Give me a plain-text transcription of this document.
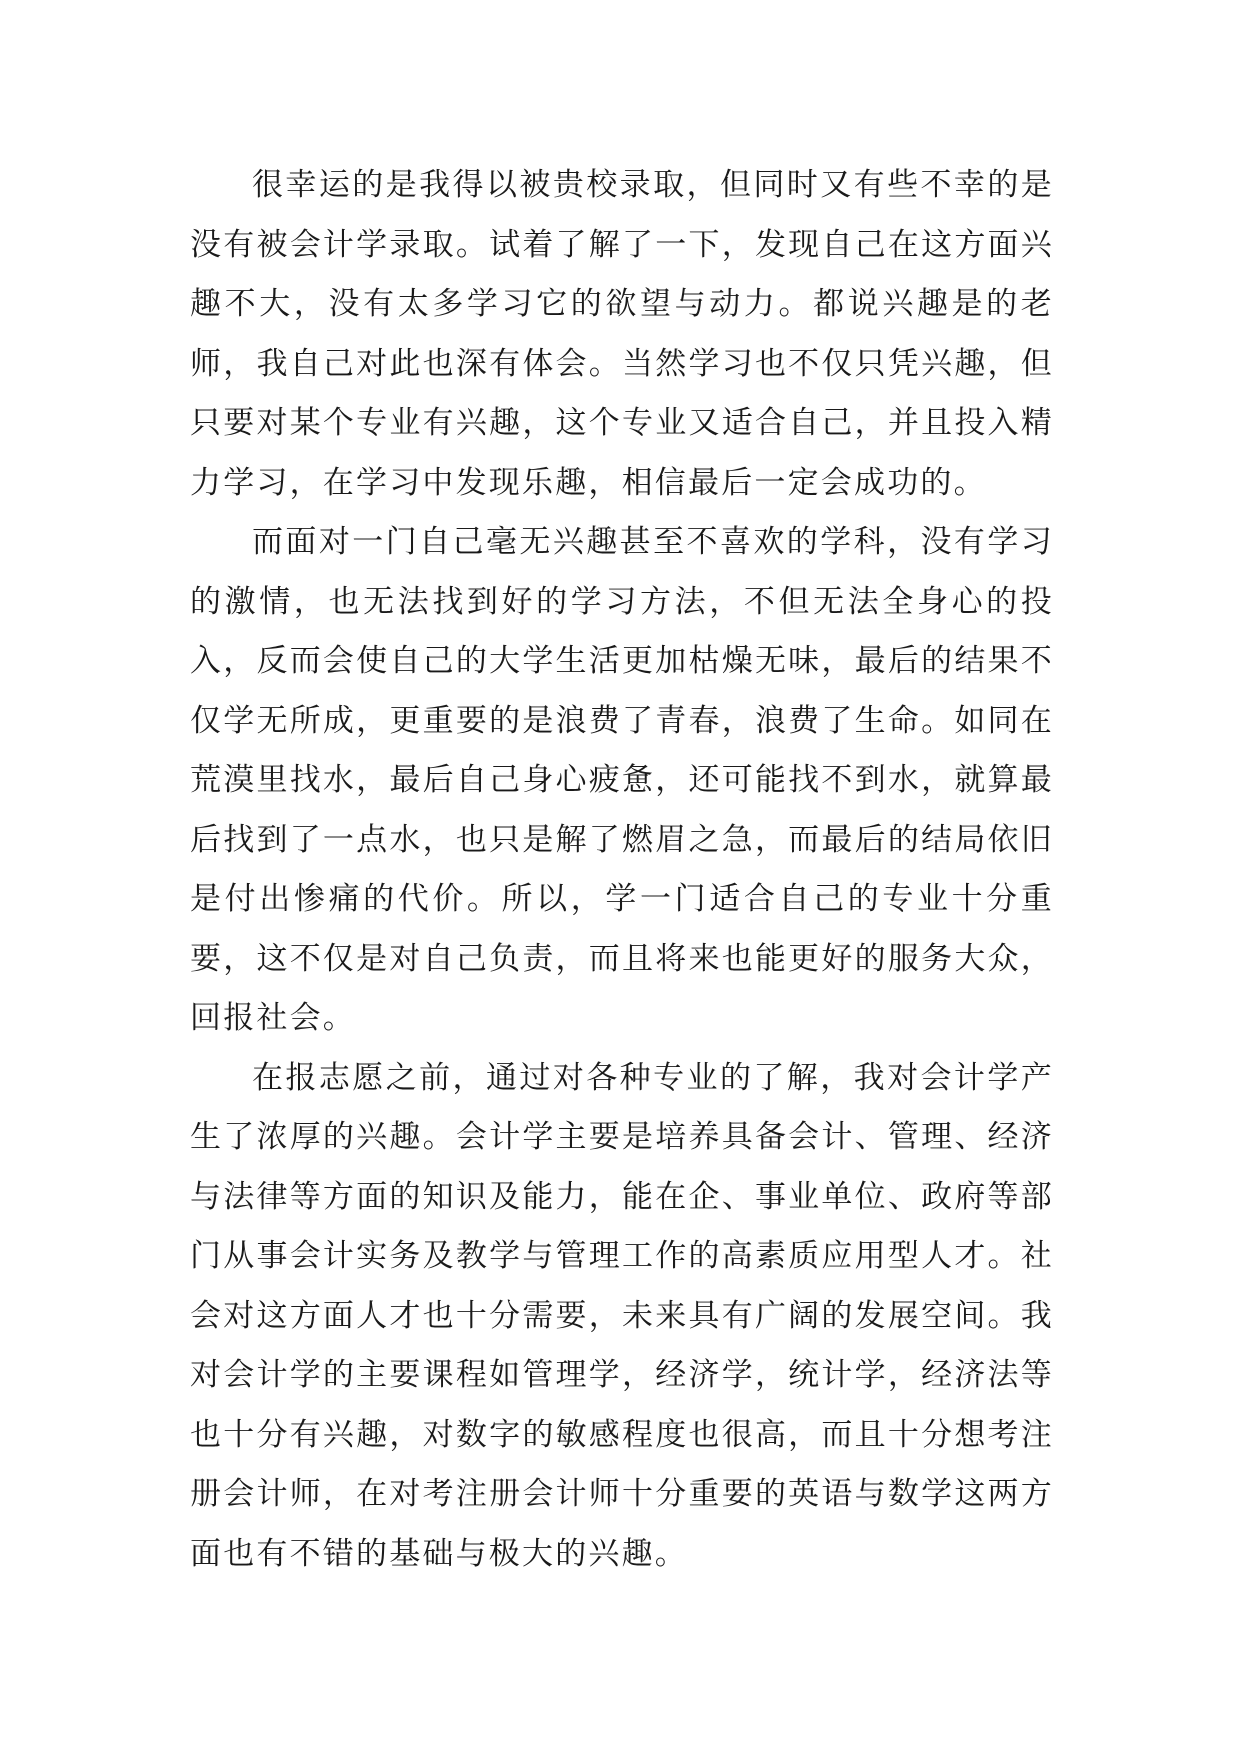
很幸运的是我得以被贵校录取，但同时又有些不幸的是没有被会计学录取。试着了解了一下，发现自己在这方面兴趣不大，没有太多学习它的欲望与动力。都说兴趣是的老师，我自己对此也深有体会。当然学习也不仅只凭兴趣，但只要对某个专业有兴趣，这个专业又适合自己，并且投入精力学习，在学习中发现乐趣，相信最后一定会成功的。

而面对一门自己毫无兴趣甚至不喜欢的学科，没有学习的激情，也无法找到好的学习方法，不但无法全身心的投入，反而会使自己的大学生活更加枯燥无味，最后的结果不仅学无所成，更重要的是浪费了青春，浪费了生命。如同在荒漠里找水，最后自己身心疲惫，还可能找不到水，就算最后找到了一点水，也只是解了燃眉之急，而最后的结局依旧是付出惨痛的代价。所以，学一门适合自己的专业十分重要，这不仅是对自己负责，而且将来也能更好的服务大众，回报社会。

在报志愿之前，通过对各种专业的了解，我对会计学产生了浓厚的兴趣。会计学主要是培养具备会计、管理、经济与法律等方面的知识及能力，能在企、事业单位、政府等部门从事会计实务及教学与管理工作的高素质应用型人才。社会对这方面人才也十分需要，未来具有广阔的发展空间。我对会计学的主要课程如管理学，经济学，统计学，经济法等也十分有兴趣，对数字的敏感程度也很高，而且十分想考注册会计师，在对考注册会计师十分重要的英语与数学这两方面也有不错的基础与极大的兴趣。
